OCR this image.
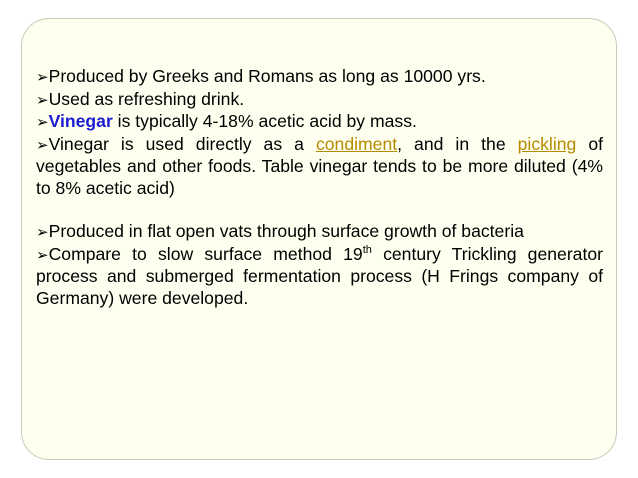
➢Produced by Greeks and Romans as long as 10000 yrs.

➢Used as refreshing drink.

➢Vinegar is typically 4-18% acetic acid by mass.

➢Vinegar is used directly as a condiment, and in the pickling of vegetables and other foods. Table vinegar tends to be more diluted (4% to 8% acetic acid)

➢Produced in flat open vats through surface growth of bacteria

➢Compare to slow surface method 19th century Trickling generator process and submerged fermentation process (H Frings company of Germany) were developed.
